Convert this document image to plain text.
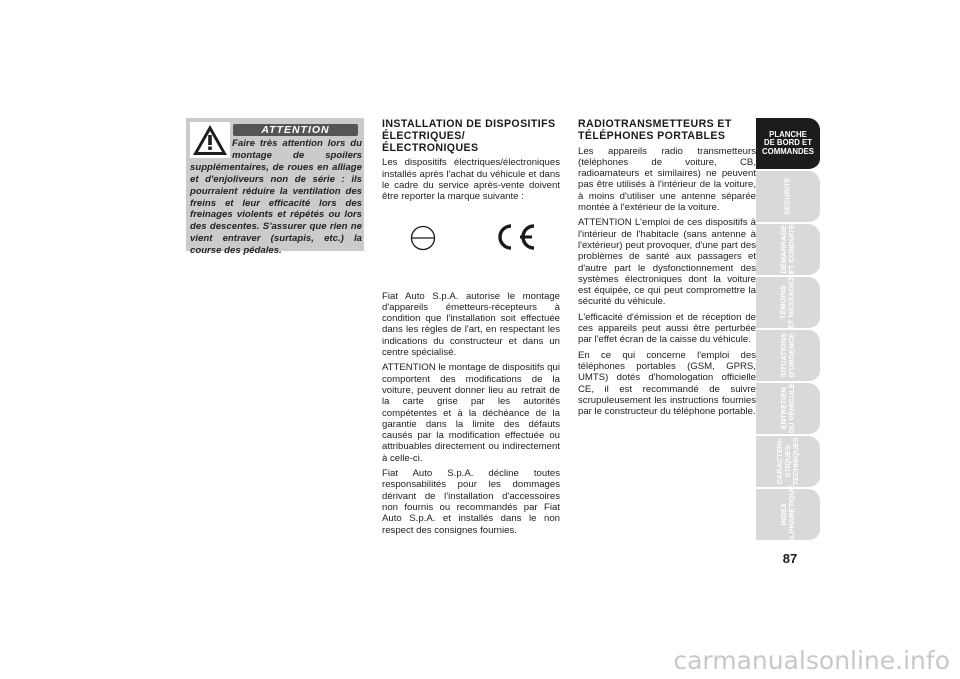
ATTENTION
Faire très attention lors du montage de spoilers supplémentaires, de roues en alliage et d'enjoliveurs non de série : ils pourraient réduire la ventilation des freins et leur efficacité lors des freinages violents et répétés ou lors des descentes. S'assurer que rien ne vient entraver (surtapis, etc.) la course des pédales.
INSTALLATION DE DISPOSITIFS ÉLECTRIQUES/ÉLECTRONIQUES

Les dispositifs électriques/électroniques installés après l'achat du véhicule et dans le cadre du service après-vente doivent être reporter la marque suivante :

Fiat Auto S.p.A. autorise le montage d'appareils émetteurs-récepteurs à condition que l'installation soit effectuée dans les règles de l'art, en respectant les indications du constructeur et dans un centre spécialisé.

ATTENTION le montage de dispositifs qui comportent des modifications de la voiture, peuvent donner lieu au retrait de la carte grise par les autorités compétentes et à la déchéance de la garantie dans la limite des défauts causés par la modification effectuée ou attribuables directement ou indirectement à celle-ci.

Fiat Auto S.p.A. décline toutes responsabilités pour les dommages dérivant de l'installation d'accessoires non fournis ou recommandés par Fiat Auto S.p.A. et installés dans le non respect des consignes fournies.

RADIOTRANSMETTEURS ET TÉLÉPHONES PORTABLES

Les appareils radio transmetteurs (téléphones de voiture, CB, radioamateurs et similaires) ne peuvent pas être utilisés à l'intérieur de la voiture, à moins d'utiliser une antenne séparée montée à l'extérieur de la voiture.

ATTENTION L'emploi de ces dispositifs à l'intérieur de l'habitacle (sans antenne à l'extérieur) peut provoquer, d'une part des problèmes de santé aux passagers et d'autre part le dysfonctionnement des systèmes électroniques dont la voiture est équipée, ce qui peut compromettre la sécurité du véhicule.

L'efficacité d'émission et de réception de ces appareils peut aussi être perturbée par l'effet écran de la caisse du véhicule.

En ce qui concerne l'emploi des téléphones portables (GSM, GPRS, UMTS) dotés d'homologation officielle CE, il est recommandé de suivre scrupuleusement les instructions fournies par le constructeur du téléphone portable.

PLANCHE
DE BORD ET
COMMANDES
SÉCURITÉ
DÉMARRAGE
ET CONDUITE
TÉMOINS
ET MESSAGES
SITUATIONS
D'URGENCE
ENTRETIEN
DU VÉHICULE
CARACTÉRI-
STIQUES
TECHNIQUES
INDEX
ALPHABÉTIQUE
87
carmanualsonline.info
